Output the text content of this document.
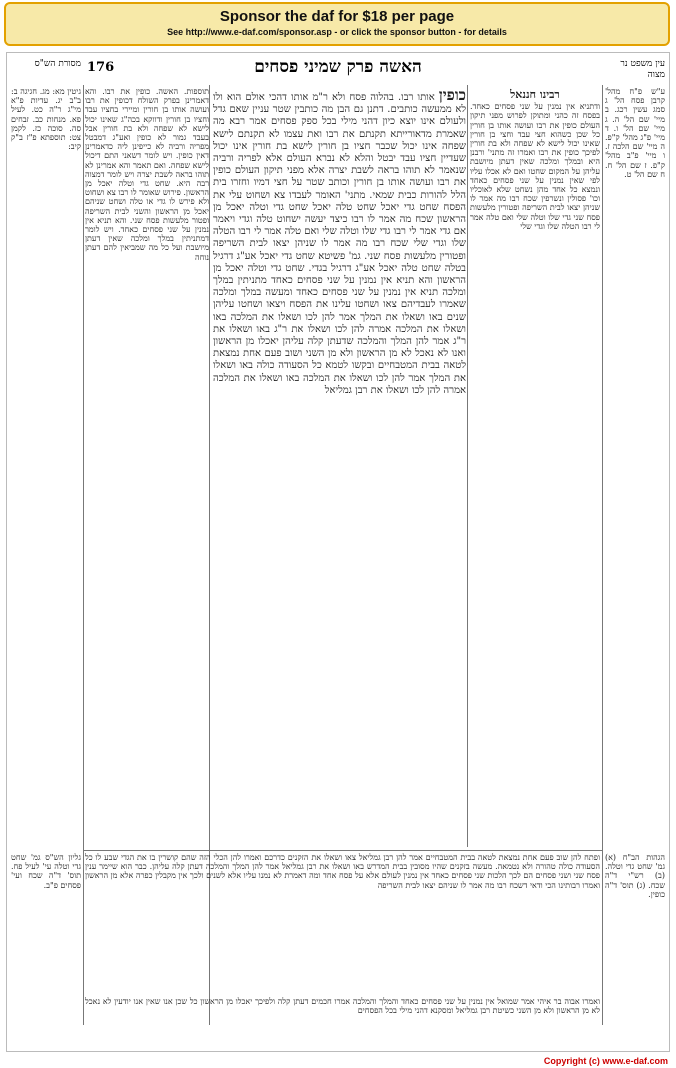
Sponsor the daf for $18 per page
See http://www.e-daf.com/sponsor.asp - or click the sponsor button - for details
עין משפט נר מצוה
176	האשה פרק שמיני פסחים
מסורת הש"ס
ע"ש פ"ח מהל' קרבן פסח הל' ג סמג עשין רכג. ב מיי' שם הל' ה. ג מיי' שם הל' ו. ד מיי' פ"ג מהל' ק"פ. ה מיי' שם הלכה ז. ו מיי' פ"ב מהל' ק"פ. ז שם הל' ח. ח שם הל' ט.
רבינו חננאל
ודתניא אין נמנין על שני פסחים כאחד. בפסח זה כהני ומתוקן לפרוש מפני תיקון העולם כופין את רבו ועושה אותו בן חורין כל שכן כשהוא חצי עבד וחצי בן חורין שאינו יכול לישא לא שפחה ולא בת חורין לפיכך כופין את רבו ואמרו זה מתני' ורבנן היא ובמלך ומלכה שאין דעתן מיושבת עליהן על המקום שחטו ואם לא אכלו עליו לפי שאין נמנין על שני פסחים כאחד ונמצא כל אחד מהן נשחט שלא לאוכליו וכו' פסולין ונשרפין שכח רבו מה אמר לו שניהן יצאו לבית השריפה ופטורין מלעשות פסח שני גדי שלו וטלה שלי ואם טלה אמר לי רבו הטלה שלו וגדי שלי
כופין אותו רבו. בהלוה פסח ולא ר"מ אותו דהכי אולם הוא ולו לא ממעשה כותבים. דתנן גם הבן מה כותבין שטר עניין שאם גדל ולעולם אינו יוצא כיון דהני מילי בכל ספק פסחים אמר רבא מה שאמרת מדאורייתא תקנתם את רבו ואת עצמו לא תקנתם לישא שפחה אינו יכול שכבר חציו בן חורין לישא בת חורין אינו יכול שעדיין חציו עבד יבטל והלא לא נברא העולם אלא לפריה ורביה שנאמר לא תוהו בראה לשבת יצרה אלא מפני תיקון העולם כופין את רבו ועושה אותו בן חורין וכותב שטר על חצי דמיו וחזרו בית הלל להורות כבית שמאי. מתני' האומר לעבדו צא ושחוט עלי את הפסח שחט גדי יאכל שחט טלה יאכל שחט גדי וטלה יאכל מן הראשון שכח מה אמר לו רבו כיצד יעשה ישחוט טלה וגדי ויאמר אם גדי אמר לי רבו גדי שלו וטלה שלי ואם טלה אמר לי רבו הטלה שלו וגדי שלי שכח רבו מה אמר לו שניהן יצאו לבית השריפה ופטורין מלעשות פסח שני. גמ' פשיטא שחט גדי יאכל אע"ג דרגיל בטלה שחט טלה יאכל אע"ג דרגיל בגדי. שחט גדי וטלה יאכל מן הראשון והא תניא אין נמנין על שני פסחים כאחד מתניתין במלך ומלכה תניא אין נמנין על שני פסחים כאחד ומעשה במלך ומלכה שאמרו לעבדיהם צאו ושחטו עלינו את הפסח ויצאו ושחטו עליהן שנים באו ושאלו את המלך אמר להן לכו ושאלו את המלכה באו ושאלו את המלכה אמרה להן לכו ושאלו את ר"ג באו ושאלו את ר"ג אמר להן המלך והמלכה שדעתן קלה עליהן יאכלו מן הראשון ואנו לא נאכל לא מן הראשון ולא מן השני ושוב פעם אחת נמצאת לטאה בבית המטבחיים ובקשו לטמא כל הסעודה כולה באו ושאלו את המלך אמר להן לכו ושאלו את המלכה באו ושאלו את המלכה אמרה להן לכו ושאלו את רבן גמליאל
תוספות. האשה. כופין את רבו. והא דאמרינן בפרק השולח דכופין את רבו ועושה אותו בן חורין ומיירי בחציו עבד וחציו בן חורין ודווקא בכה"ג שאינו יכול לישא לא שפחה ולא בת חורין אבל בעבד גמור לא כופין ואע"ג דמבטל מפריה ורביה לא כייפינן ליה כדאמרינן דאין כופין. ויש לומר דשאני התם דיכול לישא שפחה. ואם תאמר והא אמרינן לא תוהו בראה לשבת יצרה ויש לומר דמצוה רבה היא. שחט גדי וטלה יאכל מן הראשון. פירוש שאומר לו רבו צא ושחוט ולא פירש לו גדי או טלה ושחט שניהם יאכל מן הראשון והשני לבית השריפה ופטור מלעשות פסח שני. והא תניא אין נמנין על שני פסחים כאחד. ויש לומר דמתניתין במלך ומלכה שאין דעתן מיושבת ועל כל מה שמביאין להם דעתן נוחה
גיטין מא: מג. חגיגה ב: ב"ב יג. עדיות פ"א מי"ג ר"ה כט. לעיל פא. מנחות כב. זבחים סה. סוכה כז. לקמן צט: תוספתא פ"ז ב"ק קיב:
ופתח להן שוב פעם אחת נמצאת לטאה בבית המטבחיים אמר להן רבן גמליאל צאו ושאלו את הזקנים כדרכם ואמרו להן הכלי הזה שהם קושרין בו את הגדי שבע לו כל הסעודה כולה טהורה ולא נטמאה. מעשה בזקנים שהיו מסובין בבית המדרש באו ושאלו את רבן גמליאל אמר להן המלך והמלכה דעתן קלה עליהן. כבר הוא שיימר ענין פסח שני ושני פסחים הם לכך הלכות שני פסחים כאחד אין נמנין לעולם אלא על פסח אחד ומה דאמרת לא נמנו עליו אלא לשנים ולכך אין מקבלין כפרה אלא מן הראשון ואמרו רבותינו הכי ודאי דשכח רבו מה אמר לו שניהם יצאו לבית השריפה
ואמרו אבוה בר איהי אמר שמואל אין נמנין על שני פסחים כאחד והמלך והמלכה אמרו חכמים דעתן קלה ולפיכך יאכלו מן הראשון כל שכן אנו שאין אנו יודעין לא נאכל לא מן הראשון ולא מן השני כשיטת רבן גמליאל ומסקנא דהני מילי בכל הפסחים
הגהות הב"ח (א) גמ' שחט גדי וטלה. (ב) רש"י ד"ה שכח. (ג) תוס' ד"ה כופין.
גליון הש"ס גמ' שחט גדי וטלה עי' לעיל פח. תוס' ד"ה שכח ועי' פסחים פ"ב.
Copyright (c) www.e-daf.com
